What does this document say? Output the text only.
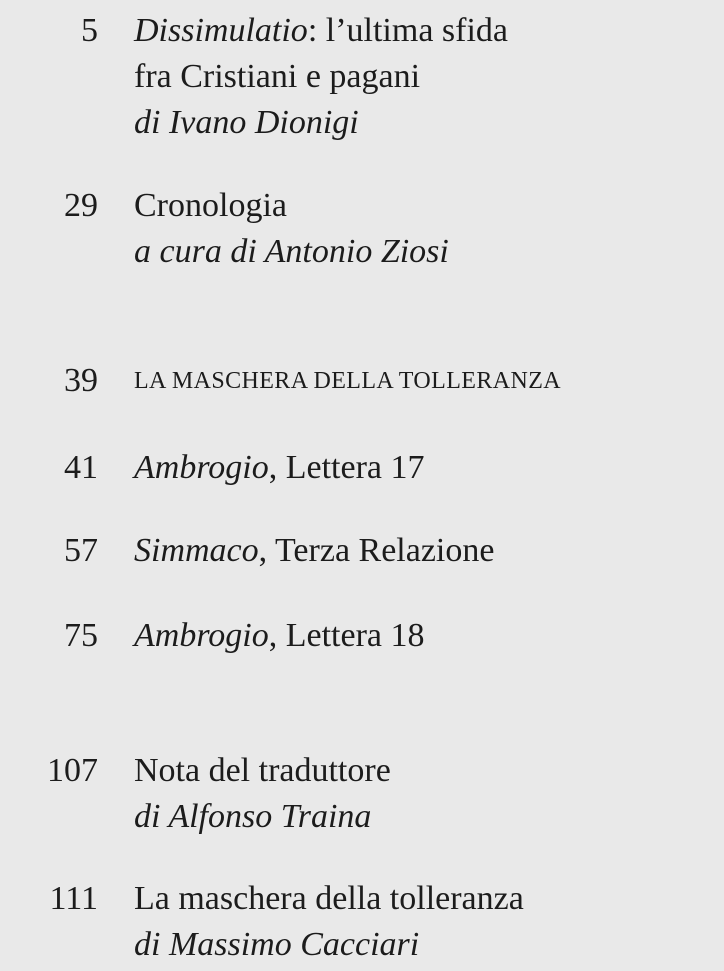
5 Dissimulatio: l’ultima sfida
fra Cristiani e pagani
di Ivano Dionigi
29 Cronologia
a cura di Antonio Ziosi
39 LA MASCHERA DELLA TOLLERANZA
41 Ambrogio, Lettera 17
57 Simmaco, Terza Relazione
75 Ambrogio, Lettera 18
107 Nota del traduttore
di Alfonso Traina
111 La maschera della tolleranza
di Massimo Cacciari
